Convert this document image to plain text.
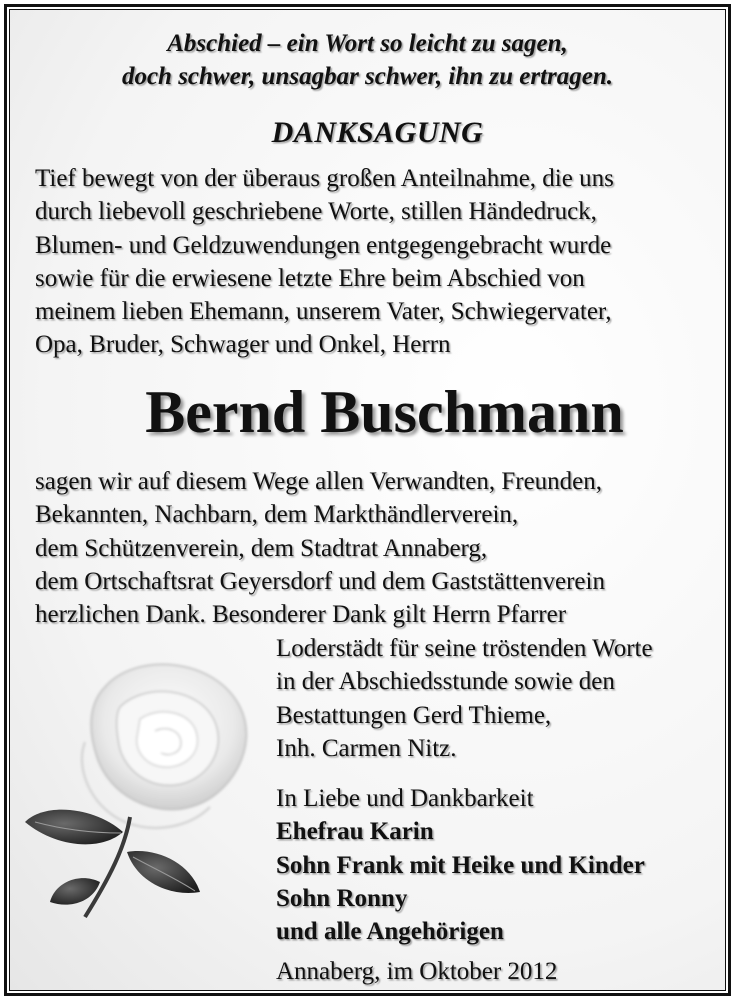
Abschied – ein Wort so leicht zu sagen,
doch schwer, unsagbar schwer, ihn zu ertragen.
DANKSAGUNG
Tief bewegt von der überaus großen Anteilnahme, die uns
durch liebevoll geschriebene Worte, stillen Händedruck,
Blumen- und Geldzuwendungen entgegengebracht wurde
sowie für die erwiesene letzte Ehre beim Abschied von
meinem lieben Ehemann, unserem Vater, Schwiegervater,
Opa, Bruder, Schwager und Onkel, Herrn
Bernd Buschmann
sagen wir auf diesem Wege allen Verwandten, Freunden,
Bekannten, Nachbarn, dem Markthändlerverein,
dem Schützenverein, dem Stadtrat Annaberg,
dem Ortschaftsrat Geyersdorf und dem Gaststättenverein
herzlichen Dank. Besonderer Dank gilt Herrn Pfarrer
Loderstädt für seine tröstenden Worte
in der Abschiedsstunde sowie den
Bestattungen Gerd Thieme,
Inh. Carmen Nitz.
In Liebe und Dankbarkeit
Ehefrau Karin
Sohn Frank mit Heike und Kinder
Sohn Ronny
und alle Angehörigen
Annaberg, im Oktober 2012
